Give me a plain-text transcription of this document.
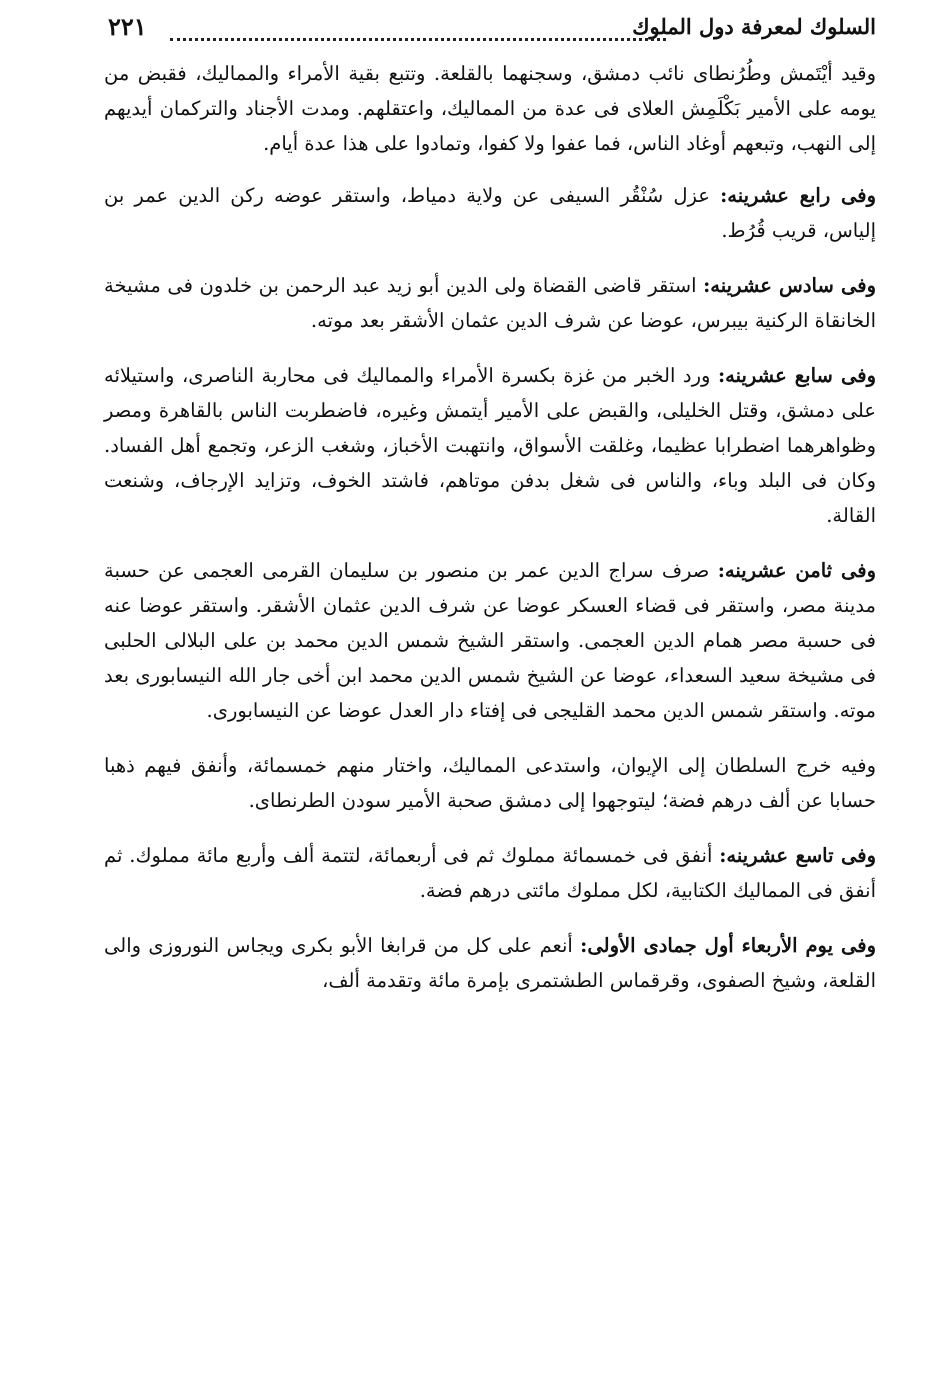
السلوك لمعرفة دول الملوك
٢٢١

وقيد أيْتَمش وطُرُنطاى نائب دمشق، وسجنهما بالقلعة. وتتبع بقية الأمراء والمماليك، فقبض من يومه على الأمير بَكْلَمِش العلاى فى عدة من المماليك، واعتقلهم. ومدت الأجناد والتركمان أيديهم إلى النهب، وتبعهم أوغاد الناس، فما عفوا ولا كفوا، وتمادوا على هذا عدة أيام.

وفى رابع عشرينه: عزل سُنْقُر السيفى عن ولاية دمياط، واستقر عوضه ركن الدين عمر بن إلياس، قريب قُرُط.

وفى سادس عشرينه: استقر قاضى القضاة ولى الدين أبو زيد عبد الرحمن بن خلدون فى مشيخة الخانقاة الركنية بيبرس، عوضا عن شرف الدين عثمان الأشقر بعد موته.

وفى سابع عشرينه: ورد الخبر من غزة بكسرة الأمراء والمماليك فى محاربة الناصرى، واستيلائه على دمشق، وقتل الخليلى، والقبض على الأمير أيتمش وغيره، فاضطربت الناس بالقاهرة ومصر وظواهرهما اضطرابا عظيما، وغلقت الأسواق، وانتهبت الأخباز، وشغب الزعر، وتجمع أهل الفساد. وكان فى البلد وباء، والناس فى شغل بدفن موتاهم، فاشتد الخوف، وتزايد الإرجاف، وشنعت القالة.

وفى ثامن عشرينه: صرف سراج الدين عمر بن منصور بن سليمان القرمى العجمى عن حسبة مدينة مصر، واستقر فى قضاء العسكر عوضا عن شرف الدين عثمان الأشقر. واستقر عوضا عنه فى حسبة مصر همام الدين العجمى. واستقر الشيخ شمس الدين محمد بن على البلالى الحلبى فى مشيخة سعيد السعداء، عوضا عن الشيخ شمس الدين محمد ابن أخى جار الله النيسابورى بعد موته. واستقر شمس الدين محمد القليجى فى إفتاء دار العدل عوضا عن النيسابورى.

وفيه خرج السلطان إلى الإيوان، واستدعى المماليك، واختار منهم خمسمائة، وأنفق فيهم ذهبا حسابا عن ألف درهم فضة؛ ليتوجهوا إلى دمشق صحبة الأمير سودن الطرنطاى.

وفى تاسع عشرينه: أنفق فى خمسمائة مملوك ثم فى أربعمائة، لتتمة ألف وأربع مائة مملوك. ثم أنفق فى المماليك الكتابية، لكل مملوك مائتى درهم فضة.

وفى يوم الأربعاء أول جمادى الأولى: أنعم على كل من قرابغا الأبو بكرى ويجاس النوروزى والى القلعة، وشيخ الصفوى، وقرقماس الطشتمرى بإمرة مائة وتقدمة ألف،
